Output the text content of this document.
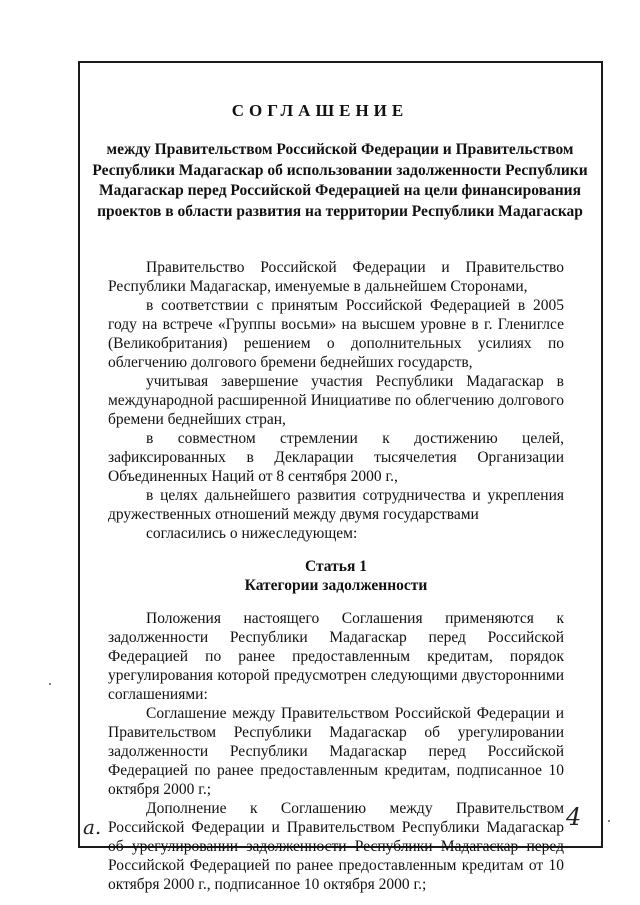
СОГЛАШЕНИЕ

между Правительством Российской Федерации и Правительством Республики Мадагаскар об использовании задолженности Республики Мадагаскар перед Российской Федерацией на цели финансирования проектов в области развития на территории Республики Мадагаскар

Правительство Российской Федерации и Правительство Республики Мадагаскар, именуемые в дальнейшем Сторонами,

в соответствии с принятым Российской Федерацией в 2005 году на встрече «Группы восьми» на высшем уровне в г. Глениглсе (Великобритания) решением о дополнительных усилиях по облегчению долгового бремени беднейших государств,

учитывая завершение участия Республики Мадагаскар в международной расширенной Инициативе по облегчению долгового бремени беднейших стран,

в совместном стремлении к достижению целей, зафиксированных в Декларации тысячелетия Организации Объединенных Наций от 8 сентября 2000 г.,

в целях дальнейшего развития сотрудничества и укрепления дружественных отношений между двумя государствами

согласились о нижеследующем:

Статья 1

Категории задолженности

Положения настоящего Соглашения применяются к задолженности Республики Мадагаскар перед Российской Федерацией по ранее предоставленным кредитам, порядок урегулирования которой предусмотрен следующими двусторонними соглашениями:

Соглашение между Правительством Российской Федерации и Правительством Республики Мадагаскар об урегулировании задолженности Республики Мадагаскар перед Российской Федерацией по ранее предоставленным кредитам, подписанное 10 октября 2000 г.;

Дополнение к Соглашению между Правительством Российской Федерации и Правительством Республики Мадагаскар об урегулировании задолженности Республики Мадагаскар перед Российской Федерацией по ранее предоставленным кредитам от 10 октября 2000 г., подписанное 10 октября 2000 г.;

а.	4
